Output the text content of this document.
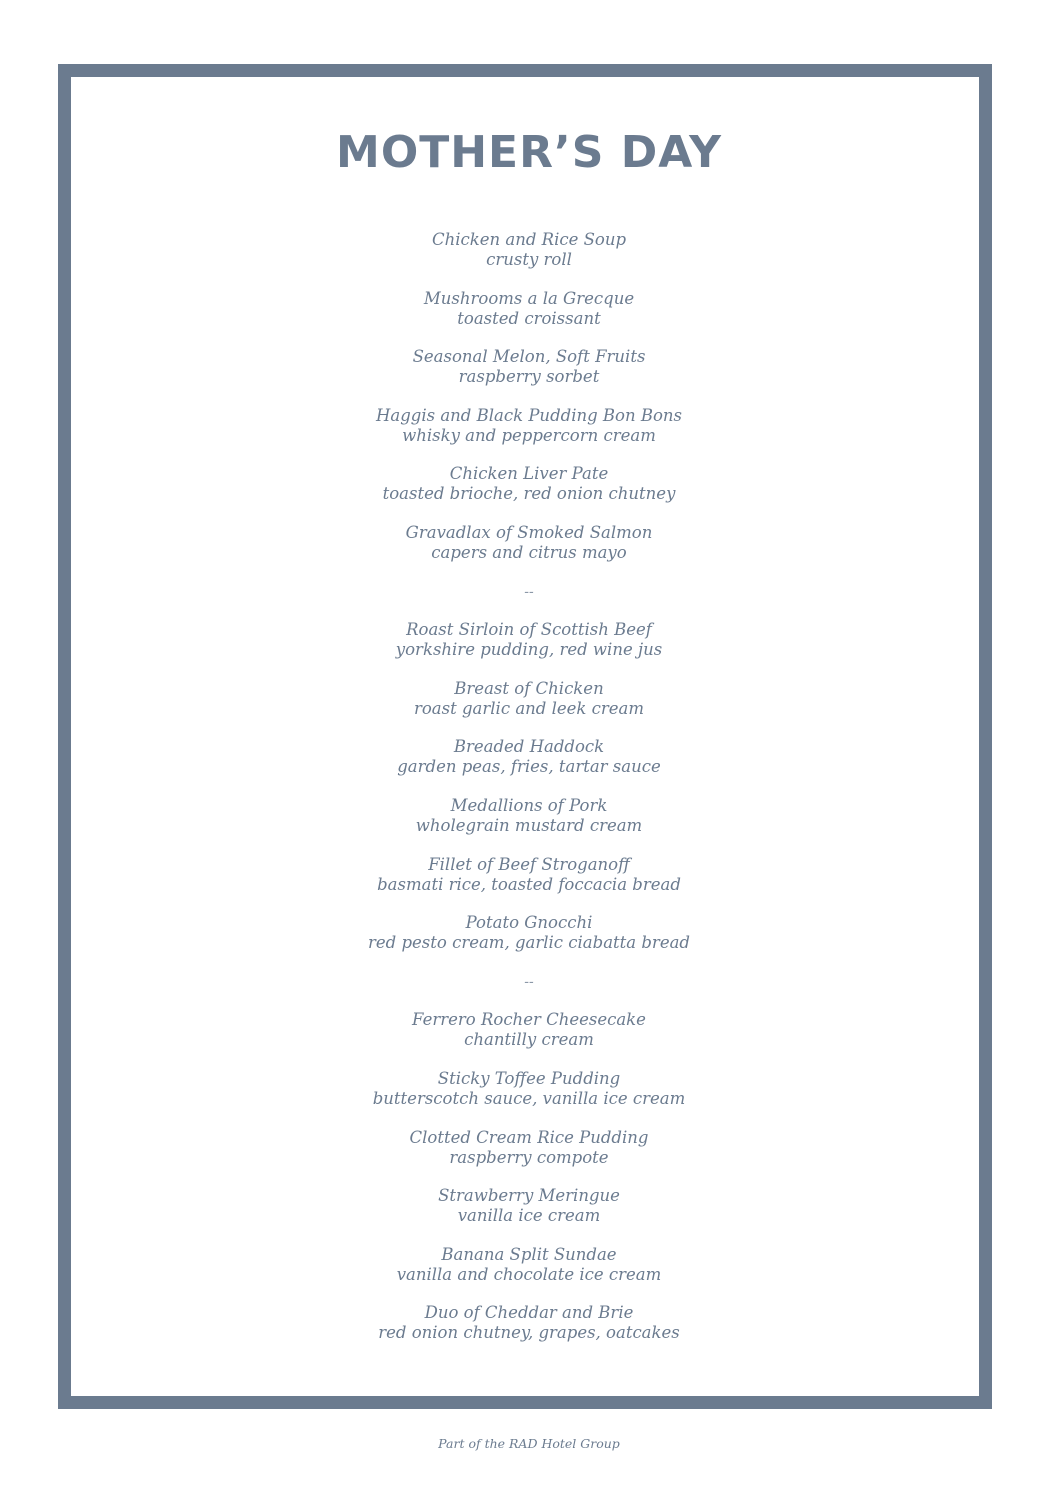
MOTHER’S DAY
Chicken and Rice Soup
crusty roll
Mushrooms a la Grecque
toasted croissant
Seasonal Melon, Soft Fruits
raspberry sorbet
Haggis and Black Pudding Bon Bons
whisky and peppercorn cream
Chicken Liver Pate
toasted brioche, red onion chutney
Gravadlax of Smoked Salmon
capers and citrus mayo
--
Roast Sirloin of Scottish Beef
yorkshire pudding, red wine jus
Breast of Chicken
roast garlic and leek cream
Breaded Haddock
garden peas, fries, tartar sauce
Medallions of Pork
wholegrain mustard cream
Fillet of Beef Stroganoff
basmati rice, toasted foccacia bread
Potato Gnocchi
red pesto cream, garlic ciabatta bread
--
Ferrero Rocher Cheesecake
chantilly cream
Sticky Toffee Pudding
butterscotch sauce, vanilla ice cream
Clotted Cream Rice Pudding
raspberry compote
Strawberry Meringue
vanilla ice cream
Banana Split Sundae
vanilla and chocolate ice cream
Duo of Cheddar and Brie
red onion chutney, grapes, oatcakes
Part of the RAD Hotel Group
